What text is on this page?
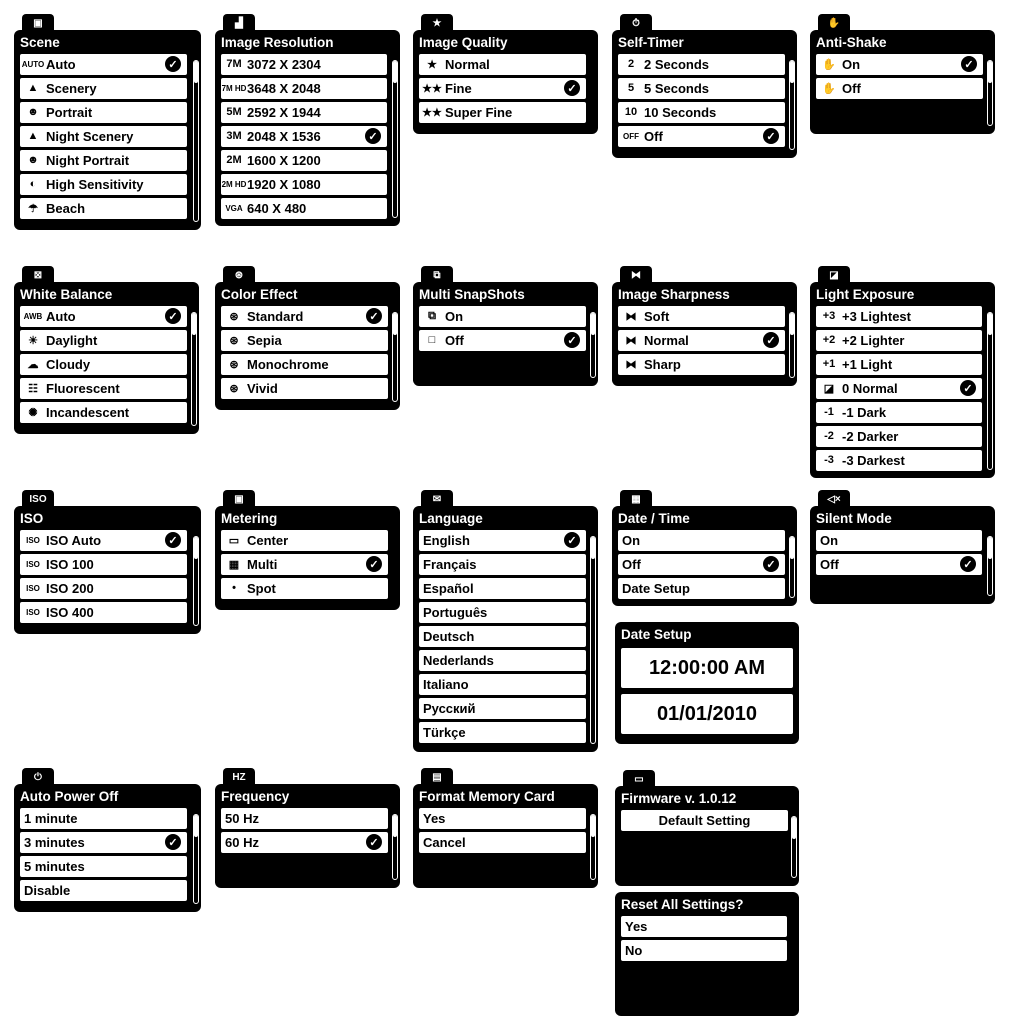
▣
Scene
AUTO Auto	✓
▲ Scenery
☻ Portrait
▲ Night Scenery
☻ Night Portrait
◐ High Sensitivity
☂ Beach
▟
Image Resolution
7M 3072 X 2304
7M HD 3648 X 2048
5M 2592 X 1944
3M 2048 X 1536	✓
2M 1600 X 1200
2M HD 1920 X 1080
VGA 640 X 480
★
Image Quality
★ Normal
★★ Fine	✓
★★ Super Fine
⏱
Self-Timer
2 2 Seconds
5 5 Seconds
10 10 Seconds
OFF Off	✓
✋
Anti-Shake
✋ On	✓
✋ Off
⊠
White Balance
AWB Auto	✓
☀ Daylight
☁ Cloudy
☷ Fluorescent
✺ Incandescent
⊛
Color Effect
⊛ Standard	✓
⊛ Sepia
⊛ Monochrome
⊛ Vivid
⧉
Multi SnapShots
⧉ On
□ Off	✓
⧓
Image Sharpness
⧓ Soft
⧓ Normal	✓
⧓ Sharp
◪
Light Exposure
+3 +3 Lightest
+2 +2 Lighter
+1 +1 Light
◪ 0 Normal	✓
-1 -1 Dark
-2 -2 Darker
-3 -3 Darkest
ISO
ISO
ISO ISO Auto	✓
ISO ISO 100
ISO ISO 200
ISO ISO 400
▣
Metering
▭ Center
▦ Multi	✓
• Spot
✉
Language
English	✓
Français
Español
Português
Deutsch
Nederlands
Italiano
Русский
Türkçe
▦
Date / Time
On
Off	✓
Date Setup
◁×
Silent Mode
On
Off	✓
⏻
Auto Power Off
1 minute
3 minutes	✓
5 minutes
Disable
HZ
Frequency
50 Hz
60 Hz	✓
▤
Format Memory Card
Yes
Cancel
▭
Firmware v. 1.0.12
Default Setting
Reset All Settings?
Yes
No
Date Setup
12:00:00 AM
01/01/2010
